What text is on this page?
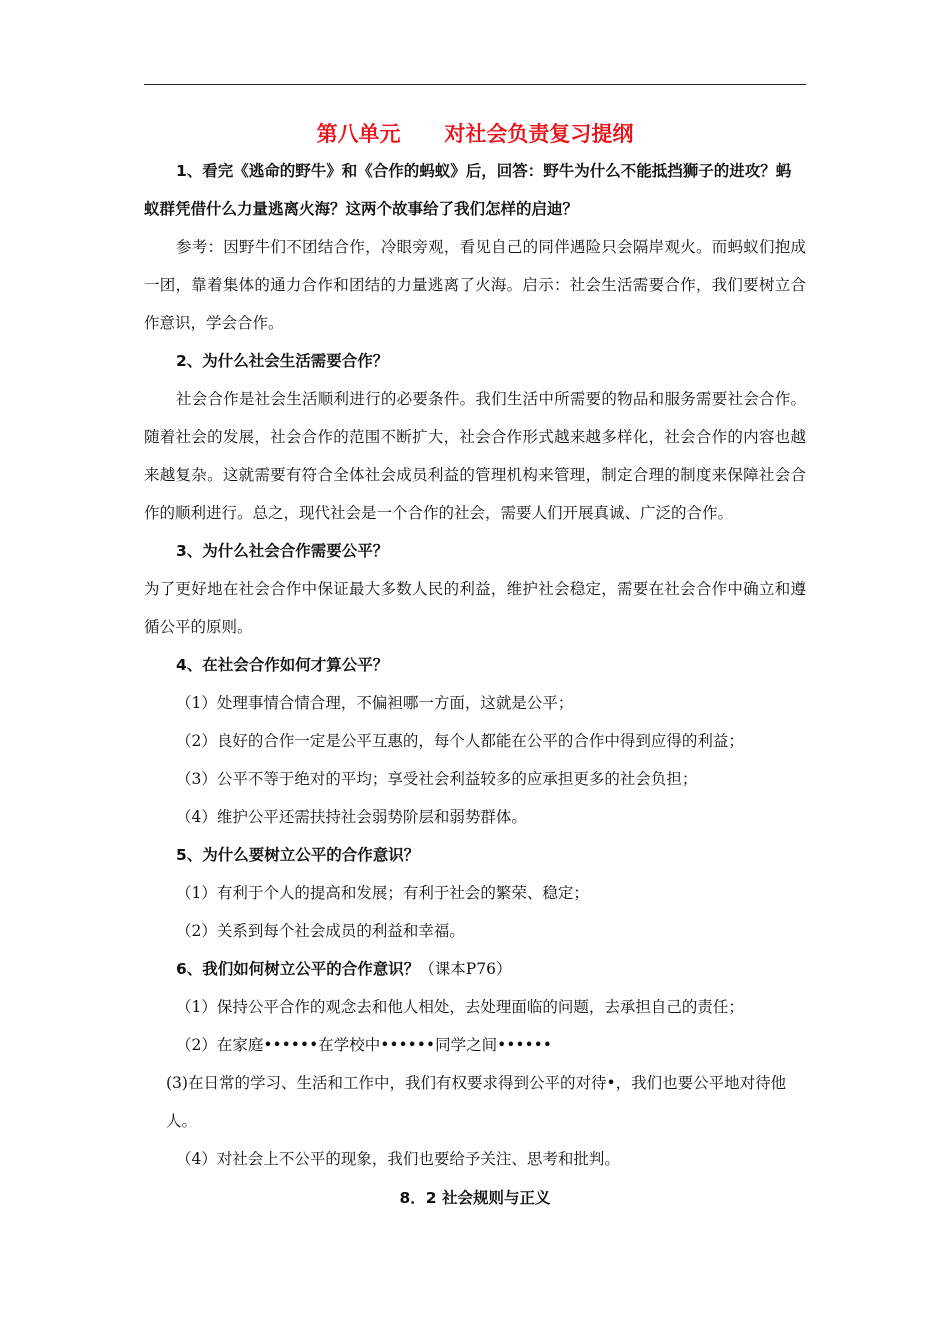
第八单元      对社会负责复习提纲

1、看完《逃命的野牛》和《合作的蚂蚁》后，回答：野牛为什么不能抵挡狮子的进攻？蚂蚁群凭借什么力量逃离火海？这两个故事给了我们怎样的启迪？

参考：因野牛们不团结合作，冷眼旁观，看见自己的同伴遇险只会隔岸观火。而蚂蚁们抱成一团，靠着集体的通力合作和团结的力量逃离了火海。启示：社会生活需要合作，我们要树立合作意识，学会合作。

2、为什么社会生活需要合作？

社会合作是社会生活顺利进行的必要条件。我们生活中所需要的物品和服务需要社会合作。随着社会的发展，社会合作的范围不断扩大，社会合作形式越来越多样化，社会合作的内容也越来越复杂。这就需要有符合全体社会成员利益的管理机构来管理，制定合理的制度来保障社会合作的顺利进行。总之，现代社会是一个合作的社会，需要人们开展真诚、广泛的合作。

3、为什么社会合作需要公平？

为了更好地在社会合作中保证最大多数人民的利益，维护社会稳定，需要在社会合作中确立和遵循公平的原则。

4、在社会合作如何才算公平？

（1）处理事情合情合理，不偏袒哪一方面，这就是公平；

（2）良好的合作一定是公平互惠的，每个人都能在公平的合作中得到应得的利益；

（3）公平不等于绝对的平均；享受社会利益较多的应承担更多的社会负担；

（4）维护公平还需扶持社会弱势阶层和弱势群体。

5、为什么要树立公平的合作意识？

（1）有利于个人的提高和发展；有利于社会的繁荣、稳定；

（2）关系到每个社会成员的利益和幸福。

6、我们如何树立公平的合作意识？（课本P76）

（1）保持公平合作的观念去和他人相处，去处理面临的问题，去承担自己的责任；

（2）在家庭••••••在学校中••••••同学之间••••••

(3)在日常的学习、生活和工作中，我们有权要求得到公平的对待•，我们也要公平地对待他人。

（4）对社会上不公平的现象，我们也要给予关注、思考和批判。

8．2 社会规则与正义
